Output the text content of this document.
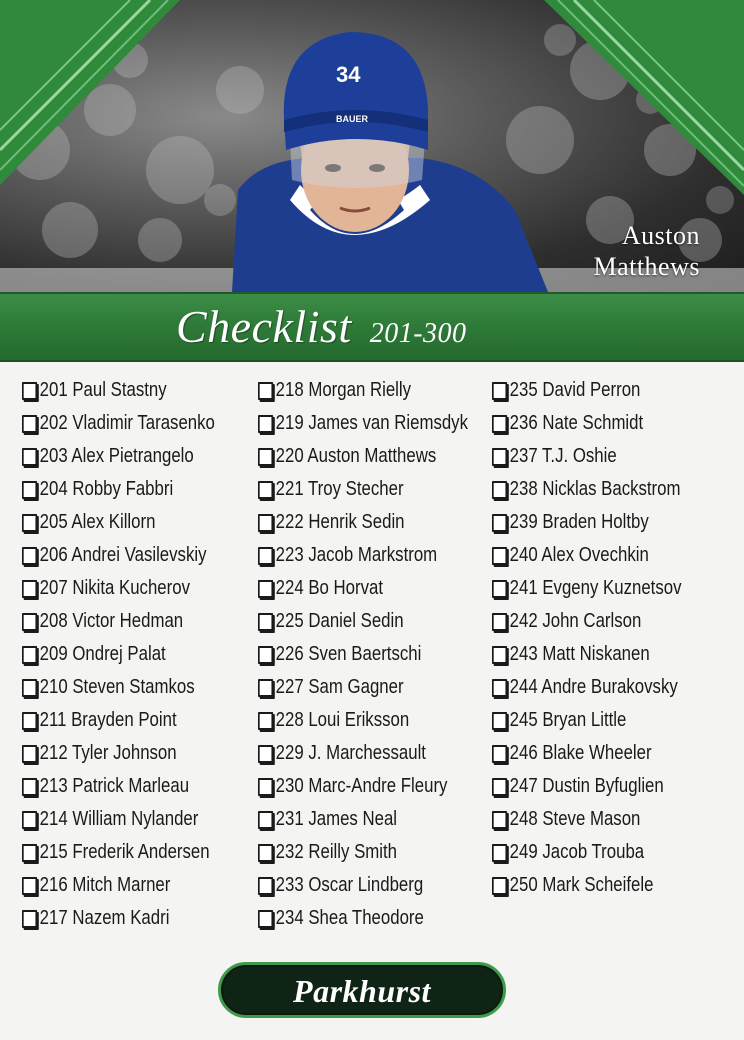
34
BAUER
Auston
Matthews
Checklist 201-300
201 Paul Stastny
202 Vladimir Tarasenko
203 Alex Pietrangelo
204 Robby Fabbri
205 Alex Killorn
206 Andrei Vasilevskiy
207 Nikita Kucherov
208 Victor Hedman
209 Ondrej Palat
210 Steven Stamkos
211 Brayden Point
212 Tyler Johnson
213 Patrick Marleau
214 William Nylander
215 Frederik Andersen
216 Mitch Marner
217 Nazem Kadri
218 Morgan Rielly
219 James van Riemsdyk
220 Auston Matthews
221 Troy Stecher
222 Henrik Sedin
223 Jacob Markstrom
224 Bo Horvat
225 Daniel Sedin
226 Sven Baertschi
227 Sam Gagner
228 Loui Eriksson
229 J. Marchessault
230 Marc-Andre Fleury
231 James Neal
232 Reilly Smith
233 Oscar Lindberg
234 Shea Theodore
235 David Perron
236 Nate Schmidt
237 T.J. Oshie
238 Nicklas Backstrom
239 Braden Holtby
240 Alex Ovechkin
241 Evgeny Kuznetsov
242 John Carlson
243 Matt Niskanen
244 Andre Burakovsky
245 Bryan Little
246 Blake Wheeler
247 Dustin Byfuglien
248 Steve Mason
249 Jacob Trouba
250 Mark Scheifele
Parkhurst
